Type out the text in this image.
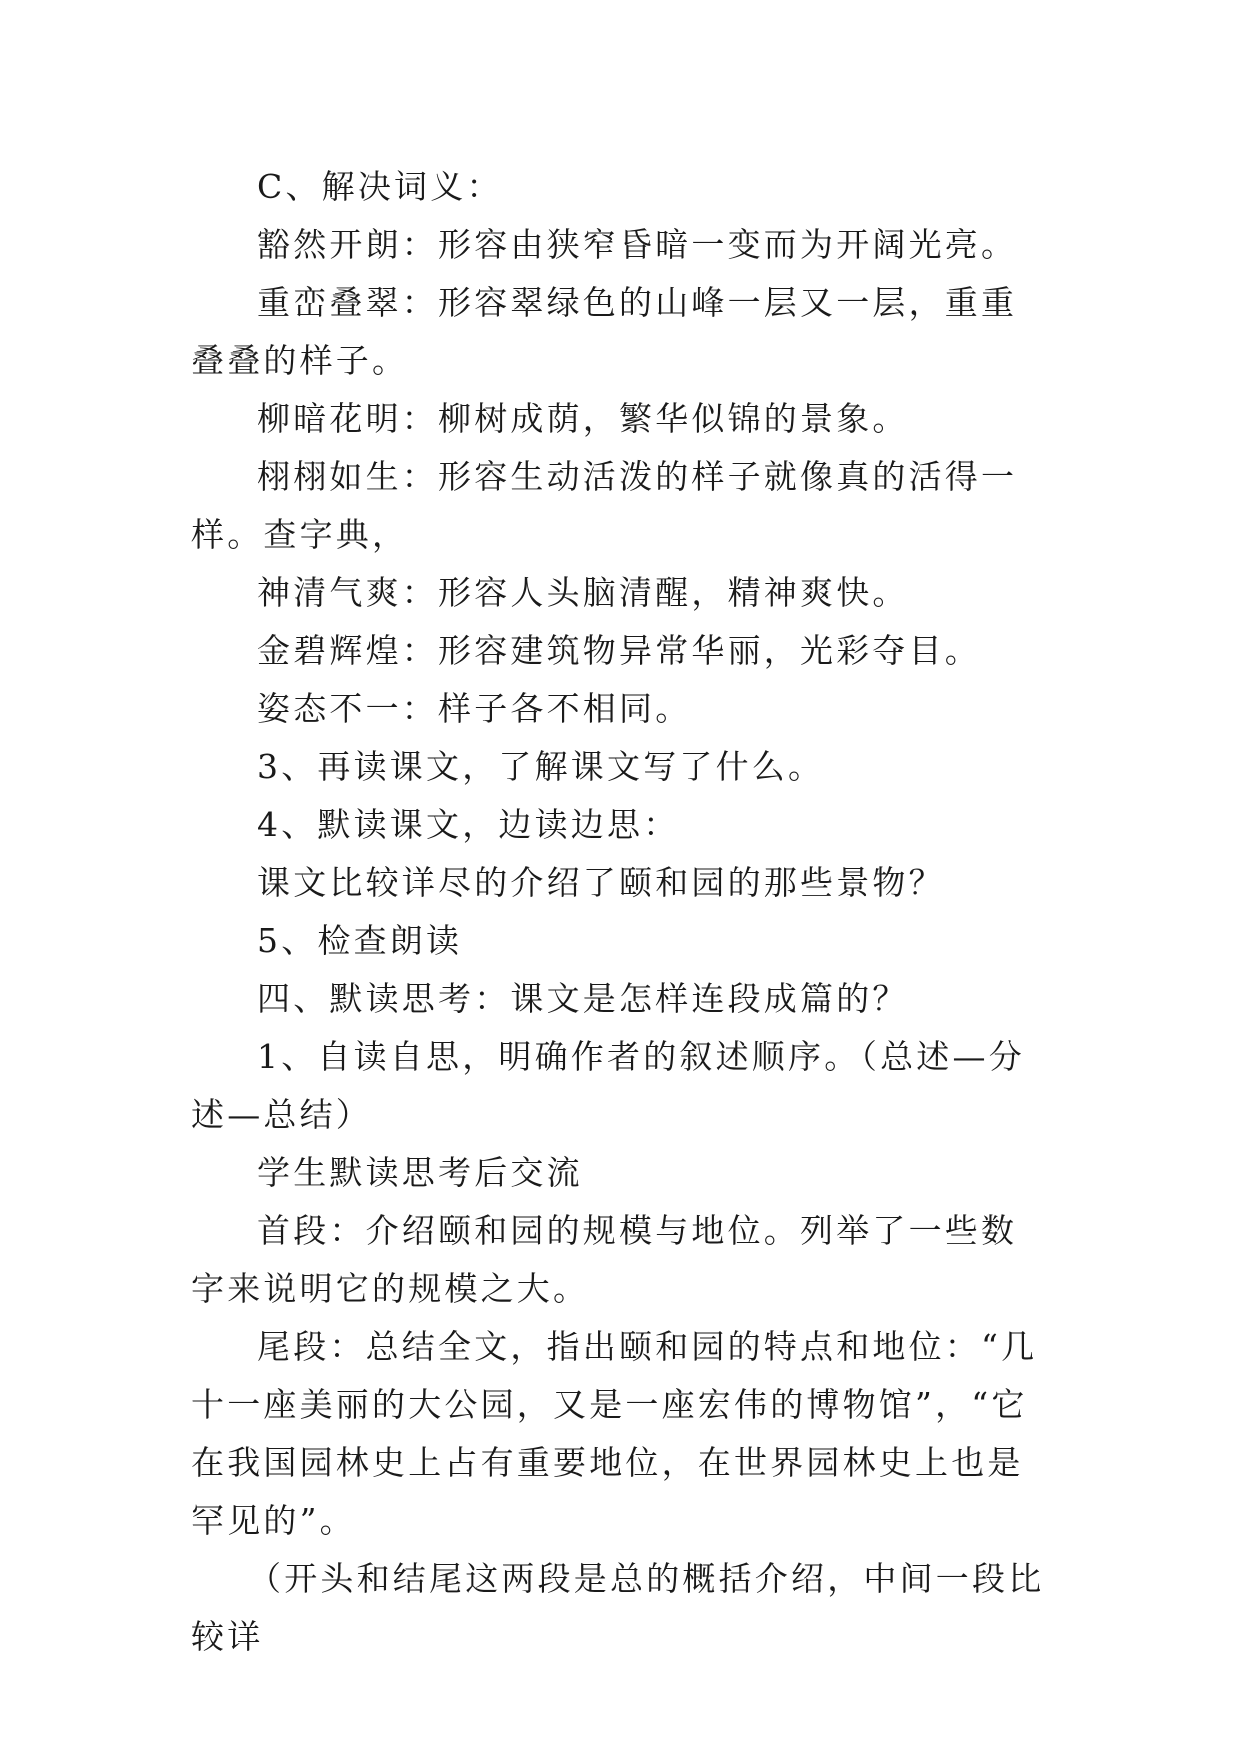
C、解决词义：

豁然开朗：形容由狭窄昏暗一变而为开阔光亮。

重峦叠翠：形容翠绿色的山峰一层又一层，重重叠叠的样子。

柳暗花明：柳树成荫，繁华似锦的景象。

栩栩如生：形容生动活泼的样子就像真的活得一样。查字典，

神清气爽：形容人头脑清醒，精神爽快。

金碧辉煌：形容建筑物异常华丽，光彩夺目。

姿态不一：样子各不相同。

3、再读课文，了解课文写了什么。

4、默读课文，边读边思：

课文比较详尽的介绍了颐和园的那些景物？

5、检查朗读

四、默读思考：课文是怎样连段成篇的？

1、自读自思，明确作者的叙述顺序。（总述—分述—总结）

学生默读思考后交流

首段：介绍颐和园的规模与地位。列举了一些数字来说明它的规模之大。

尾段：总结全文，指出颐和园的特点和地位：“几十一座美丽的大公园，又是一座宏伟的博物馆”，“它在我国园林史上占有重要地位，在世界园林史上也是罕见的”。

（开头和结尾这两段是总的概括介绍，中间一段比较详
